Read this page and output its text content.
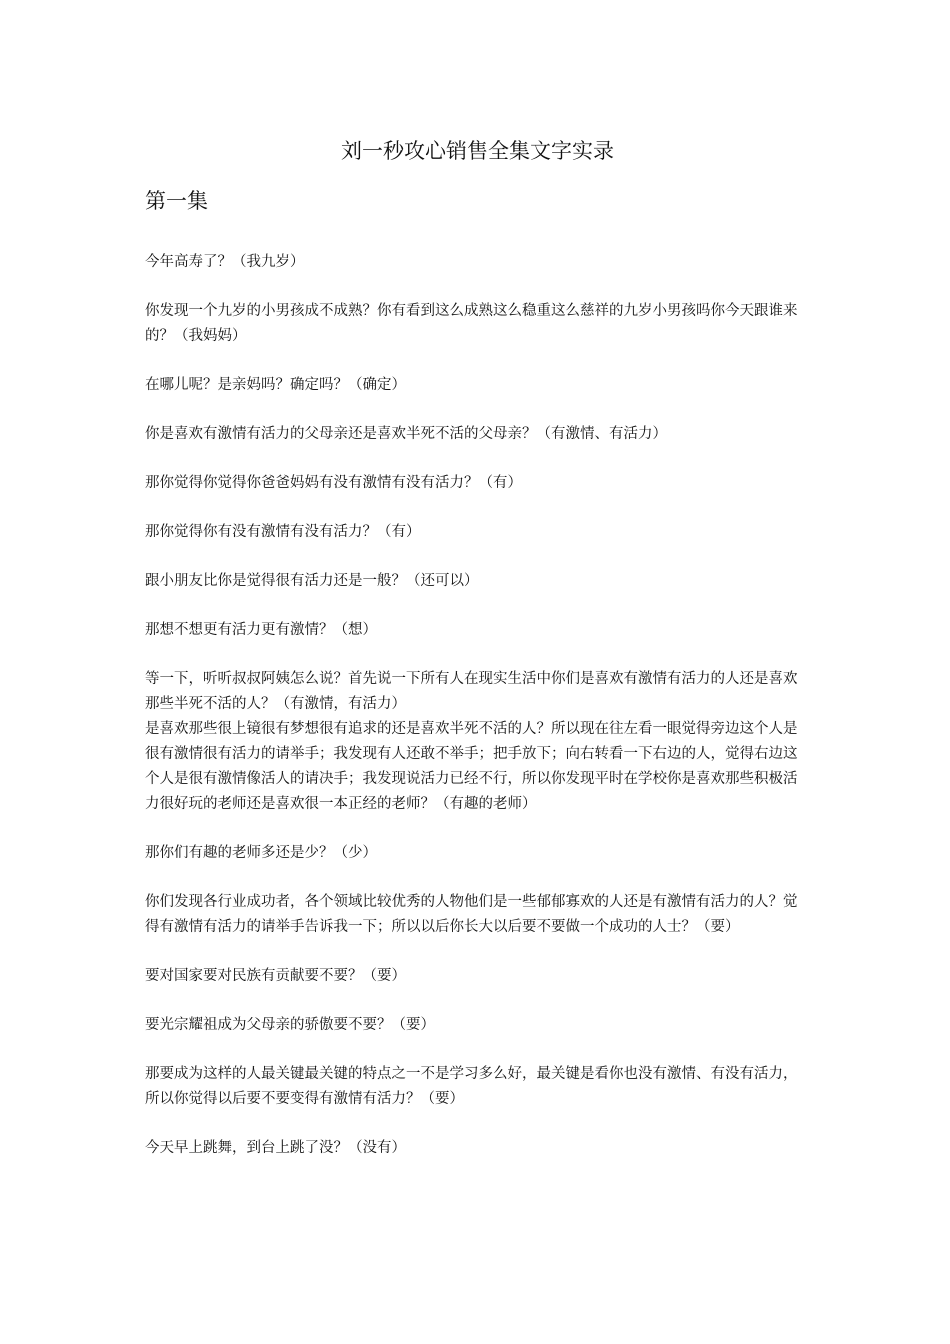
刘一秒攻心销售全集文字实录
第一集

今年高寿了？（我九岁）

你发现一个九岁的小男孩成不成熟？你有看到这么成熟这么稳重这么慈祥的九岁小男孩吗你今天跟谁来的？（我妈妈）

在哪儿呢？是亲妈吗？确定吗？（确定）

你是喜欢有激情有活力的父母亲还是喜欢半死不活的父母亲？（有激情、有活力）

那你觉得你觉得你爸爸妈妈有没有激情有没有活力？（有）

那你觉得你有没有激情有没有活力？（有）

跟小朋友比你是觉得很有活力还是一般？（还可以）

那想不想更有活力更有激情？（想）

等一下，听听叔叔阿姨怎么说？首先说一下所有人在现实生活中你们是喜欢有激情有活力的人还是喜欢那些半死不活的人？（有激情，有活力）

是喜欢那些很上镜很有梦想很有追求的还是喜欢半死不活的人？所以现在往左看一眼觉得旁边这个人是很有激情很有活力的请举手；我发现有人还敢不举手；把手放下；向右转看一下右边的人，觉得右边这个人是很有激情像活人的请决手；我发现说活力已经不行，所以你发现平时在学校你是喜欢那些积极活力很好玩的老师还是喜欢很一本正经的老师？（有趣的老师）

那你们有趣的老师多还是少？（少）

你们发现各行业成功者，各个领域比较优秀的人物他们是一些郁郁寡欢的人还是有激情有活力的人？觉得有激情有活力的请举手告诉我一下；所以以后你长大以后要不要做一个成功的人士？（要）

要对国家要对民族有贡献要不要？（要）

要光宗耀祖成为父母亲的骄傲要不要？（要）

那要成为这样的人最关键最关键的特点之一不是学习多么好，最关键是看你也没有激情、有没有活力，所以你觉得以后要不要变得有激情有活力？（要）

今天早上跳舞，到台上跳了没？（没有）
